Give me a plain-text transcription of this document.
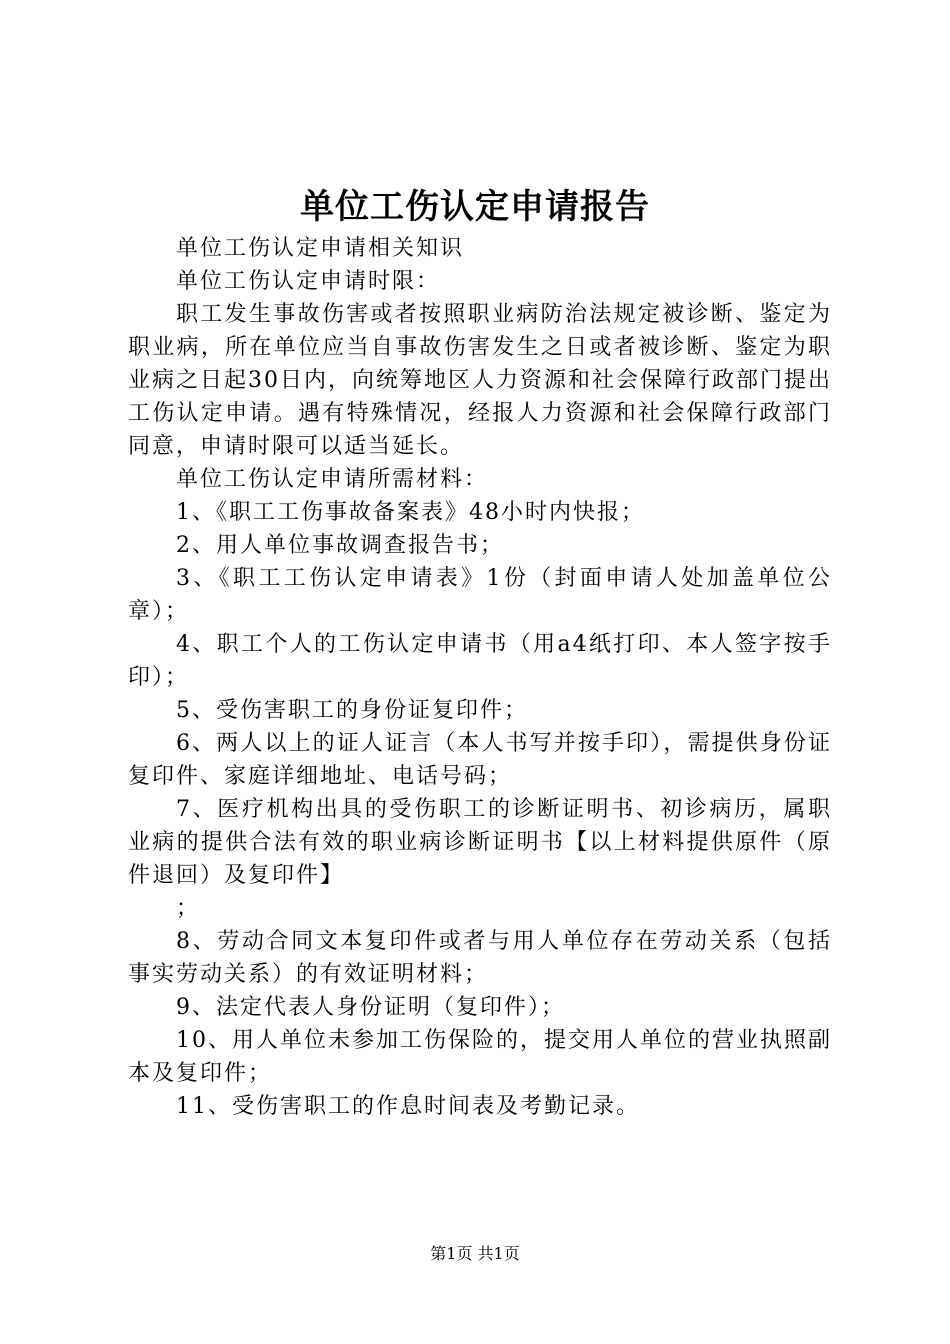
单位工伤认定申请报告

单位工伤认定申请相关知识

单位工伤认定申请时限：

职工发生事故伤害或者按照职业病防治法规定被诊断、鉴定为职业病，所在单位应当自事故伤害发生之日或者被诊断、鉴定为职业病之日起30日内，向统筹地区人力资源和社会保障行政部门提出工伤认定申请。遇有特殊情况，经报人力资源和社会保障行政部门同意，申请时限可以适当延长。

单位工伤认定申请所需材料：

1、《职工工伤事故备案表》48小时内快报；

2、用人单位事故调查报告书；

3、《职工工伤认定申请表》1份（封面申请人处加盖单位公章）；

4、职工个人的工伤认定申请书（用a4纸打印、本人签字按手印）；

5、受伤害职工的身份证复印件；

6、两人以上的证人证言（本人书写并按手印），需提供身份证复印件、家庭详细地址、电话号码；

7、医疗机构出具的受伤职工的诊断证明书、初诊病历，属职业病的提供合法有效的职业病诊断证明书【以上材料提供原件（原件退回）及复印件】

；

8、劳动合同文本复印件或者与用人单位存在劳动关系（包括事实劳动关系）的有效证明材料；

9、法定代表人身份证明（复印件）；

10、用人单位未参加工伤保险的，提交用人单位的营业执照副本及复印件；

11、受伤害职工的作息时间表及考勤记录。

第1页 共1页
